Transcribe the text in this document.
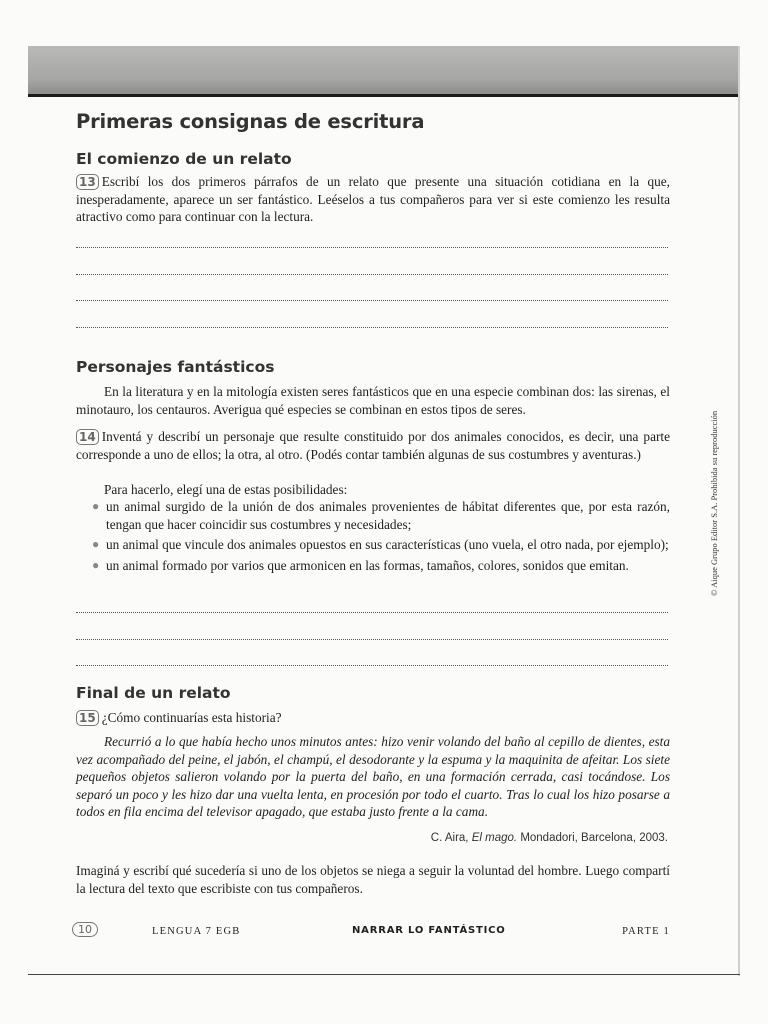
Primeras consignas de escritura
El comienzo de un relato

13 Escribí los dos primeros párrafos de un relato que presente una situación cotidiana en la que, inesperadamente, aparece un ser fantástico. Leéselos a tus compañeros para ver si este comienzo les resulta atractivo como para continuar con la lectura.

Personajes fantásticos

En la literatura y en la mitología existen seres fantásticos que en una especie combinan dos: las sirenas, el minotauro, los centauros. Averigua qué especies se combinan en estos tipos de seres.

14 Inventá y describí un personaje que resulte constituido por dos animales conocidos, es decir, una parte corresponde a uno de ellos; la otra, al otro. (Podés contar también algunas de sus costumbres y aventuras.)

Para hacerlo, elegí una de estas posibilidades:

● un animal surgido de la unión de dos animales provenientes de hábitat diferentes que, por esta razón, tengan que hacer coincidir sus costumbres y necesidades;
● un animal que vincule dos animales opuestos en sus características (uno vuela, el otro nada, por ejemplo);
● un animal formado por varios que armonicen en las formas, tamaños, colores, sonidos que emitan.
Final de un relato

15 ¿Cómo continuarías esta historia?

Recurrió a lo que había hecho unos minutos antes: hizo venir volando del baño al cepillo de dientes, esta vez acompañado del peine, el jabón, el champú, el desodorante y la espuma y la maquinita de afeitar. Los siete pequeños objetos salieron volando por la puerta del baño, en una formación cerrada, casi tocándose. Los separó un poco y les hizo dar una vuelta lenta, en procesión por todo el cuarto. Tras lo cual los hizo posarse a todos en fila encima del televisor apagado, que estaba justo frente a la cama.

C. Aira, El mago. Mondadori, Barcelona, 2003.

Imaginá y escribí qué sucedería si uno de los objetos se niega a seguir la voluntad del hombre. Luego compartí la lectura del texto que escribiste con tus compañeros.

10	LENGUA 7 EGB	NARRAR LO FANTÁSTICO	PARTE 1
© Aique Grupo Editor S.A. Prohibida su reproducción
